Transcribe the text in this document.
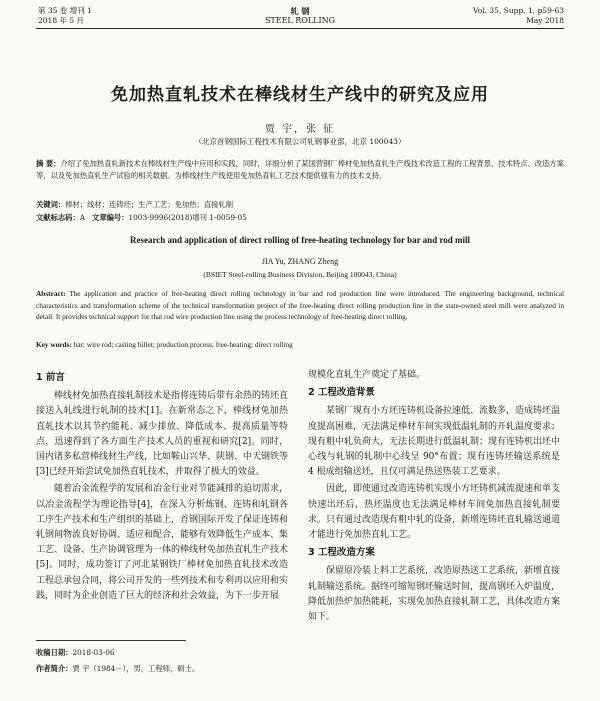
第 35 卷 增刊 1
2018 年 5 月
轧 钢
STEEL ROLLING
Vol. 35, Supp. 1, p59-63
May 2018
免加热直轧技术在棒线材生产线中的研究及应用
贾 宇，张 征
（北京首钢国际工程技术有限公司轧钢事业部，北京 100043）
摘 要：介绍了免加热直轧新技术在棒线材生产线中应用和实践，同时，详细分析了某国营钢厂棒材免加热直轧生产线技术改造工程的工程背景、技术特点、改造方案等，以及免加热直轧生产试验的相关数据。为棒线材生产线使用免加热直轧工艺技术提供强有力的技术支持。
关键词：棒材；线材；连铸坯；生产工艺；免加热；直接轧制
文献标志码：A 文章编号：1003-9996(2018)增刊 1-0059-05
Research and application of direct rolling of free-heating technology for bar and rod mill
JIA Yu, ZHANG Zheng
(BSIET Steel-rolling Business Division, Beijing 100043, China)
Abstract: The application and practice of free-heating direct rolling technology in bar and rod production line were introduced. The engineering background, technical characteristics and transformation scheme of the technical transformation project of the free-heating direct rolling production line in the state-owned steel mill were analyzed in detail. It provides technical support for that rod wire production line using the process technology of free-heating direct rolling.
Key words: bar; wire rod; casting billet; production process; free-heating; direct rolling
1 前言

棒线材免加热直接轧制技术是指将连铸后带有余热的铸坯直接送入轧线进行轧制的技术[1]。在新常态之下，棒线材免加热直轧技术以其节约能耗、减少排放、降低成本、提高质量等特点，迅速得到了各方面生产技术人员的重视和研究[2]。同时，国内诸多私营棒线材生产线，比如鞍山兴华、陕钢、中天钢铁等[3]已经开始尝试免加热直轧技术，并取得了极大的效益。

随着冶金流程学的发展和冶金行业对节能减排的迫切需求，以冶金流程学为理论指导[4]，在深入分析炼钢、连铸和轧钢各工序生产技术和生产组织的基础上，首钢国际开发了保证连铸和轧钢间物流良好协调、适应和配合，能够有效降低生产成本、集工艺、设备、生产协调管理为一体的棒线材免加热直轧生产技术[5]。同时，成功签订了河北某钢铁厂棒材免加热直轧技术改造工程总承包合同，将公司开发的一些列技术和专利再以应用和实践，同时为企业创造了巨大的经济和社会效益，为下一步开展

规模化直轧生产奠定了基础。

2 工程改造背景

某钢厂现有小方坯连铸机设备拉速低、流数多，造成铸坯温度提高困难，无法满足棒材车间实现低温轧制的开轧温度要求；现有粗中轧负荷大，无法长期进行低温轧制；现有连铸机出坯中心线与轧钢的轧制中心线呈 90°布置；现有连铸坯输送系统是 4 根成组输送坯，且仅可满足热送热装工艺要求。

因此，即使通过改造连铸机实现小方坯铸机减流提速和单支快速出坯后，热坯温度也无法满足棒材车间免加热直接轧制要求。只有通过改造现有粗中轧的设备，新增连铸坯直轧输送通道才能进行免加热直轧工艺。

3 工程改造方案

保留原冷装上料工艺系统，改造原热送工艺系统，新增直接轧制输送系统。据终可缩短钢坯输送时间，提高钢坯入炉温度，降低加热炉加热能耗，实现免加热直接轧制工艺，具体改造方案如下。

收稿日期：2018-03-06
作者简介：贾 宇（1984－），男，工程师，硕士。
